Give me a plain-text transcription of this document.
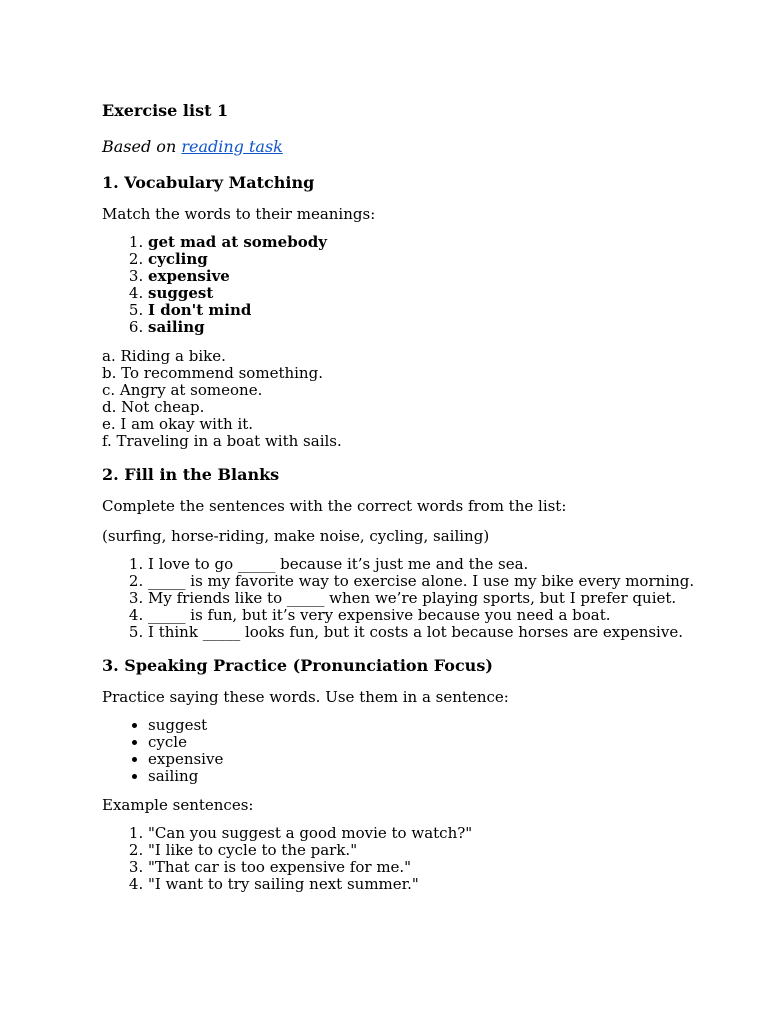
Exercise list 1
Based on reading task
1. Vocabulary Matching

Match the words to their meanings:

1. get mad at somebody
2. cycling
3. expensive
4. suggest
5. I don't mind
6. sailing
a. Riding a bike.
b. To recommend something.
c. Angry at someone.
d. Not cheap.
e. I am okay with it.
f. Traveling in a boat with sails.
2. Fill in the Blanks

Complete the sentences with the correct words from the list:

(surfing, horse-riding, make noise, cycling, sailing)

1. I love to go _____ because it’s just me and the sea.
2. _____ is my favorite way to exercise alone. I use my bike every morning.
3. My friends like to _____ when we’re playing sports, but I prefer quiet.
4. _____ is fun, but it’s very expensive because you need a boat.
5. I think _____ looks fun, but it costs a lot because horses are expensive.
3. Speaking Practice (Pronunciation Focus)

Practice saying these words. Use them in a sentence:

• suggest
• cycle
• expensive
• sailing

Example sentences:

1. "Can you suggest a good movie to watch?"
2. "I like to cycle to the park."
3. "That car is too expensive for me."
4. "I want to try sailing next summer."
